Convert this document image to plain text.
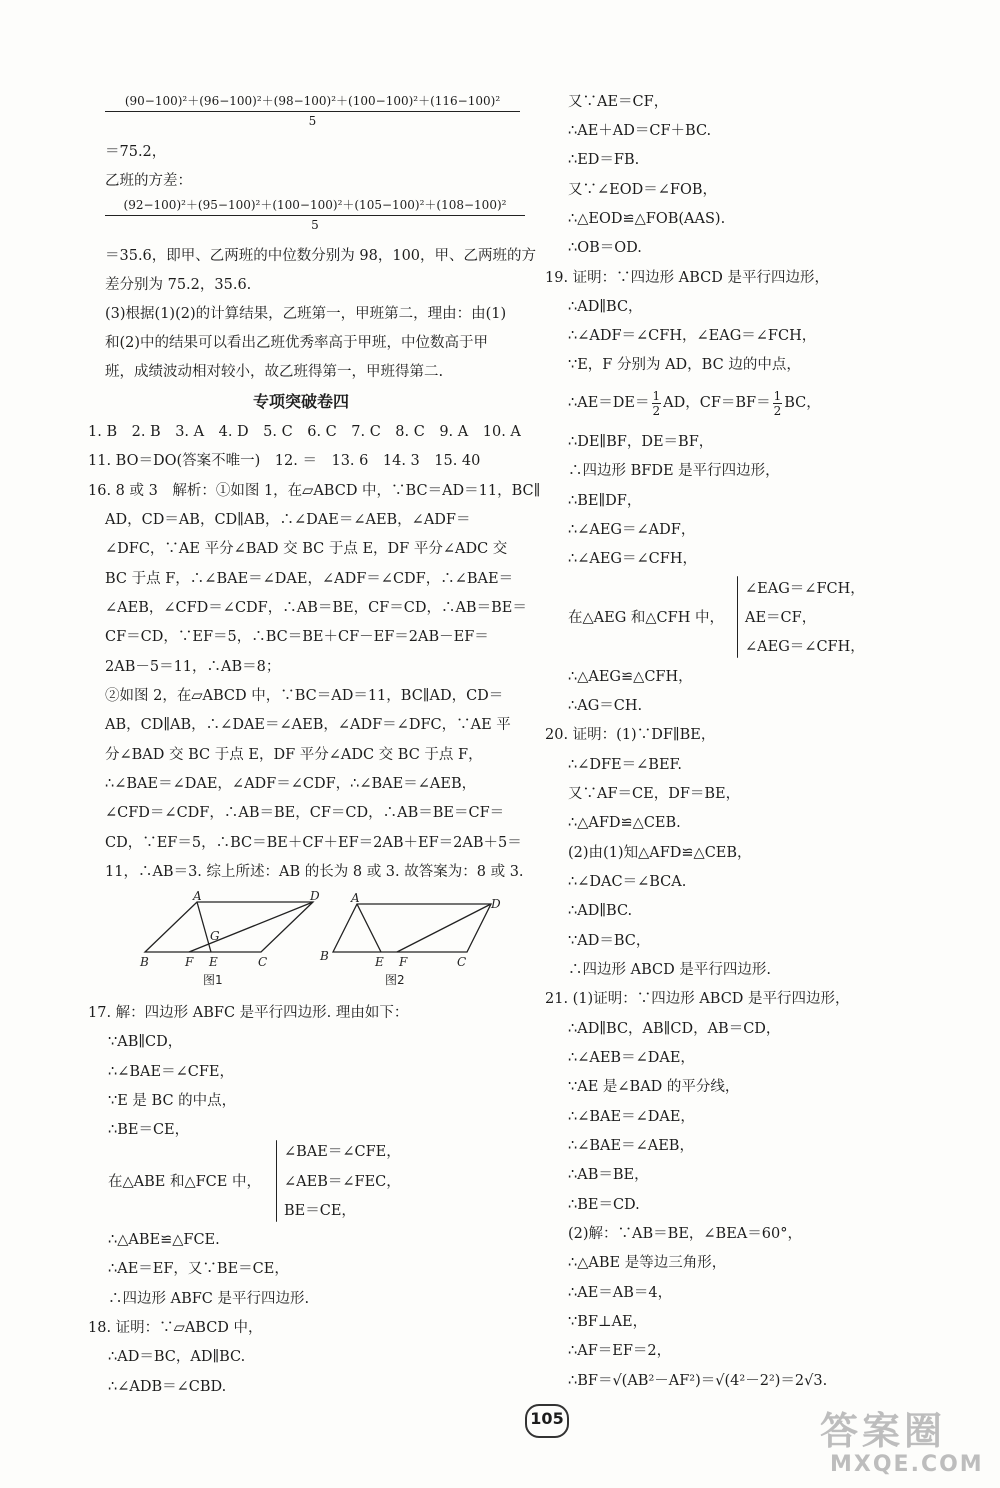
$\frac{\text{(90−100)²＋(96−100)²＋(98−100)²＋(100−100)²＋(116−100)²}}{5}$
＝75.2，
乙班的方差：
$\frac{\text{(92−100)²＋(95−100)²＋(100−100)²＋(105−100)²＋(108−100)²}}{5}$
＝35.6，即甲、乙两班的中位数分别为 98，100，甲、乙两班的方
差分别为 75.2，35.6.
(3)根据(1)(2)的计算结果，乙班第一，甲班第二，理由：由(1)
和(2)中的结果可以看出乙班优秀率高于甲班，中位数高于甲
班，成绩波动相对较小，故乙班得第一，甲班得第二.
专项突破卷四
1. B　2. B　3. A　4. D　5. C　6. C　7. C　8. C　9. A　10. A
11. BO＝DO(答案不唯一)　12. ＝　13. 6　14. 3　15. 40
16. 8 或 3　解析：①如图 1，在▱ABCD 中，∵BC＝AD＝11，BC∥
AD，CD＝AB，CD∥AB，∴∠DAE＝∠AEB，∠ADF＝
∠DFC，∵AE 平分∠BAD 交 BC 于点 E，DF 平分∠ADC 交
BC 于点 F，∴∠BAE＝∠DAE，∠ADF＝∠CDF，∴∠BAE＝
∠AEB，∠CFD＝∠CDF，∴AB＝BE，CF＝CD，∴AB＝BE＝
CF＝CD，∵EF＝5，∴BC＝BE＋CF－EF＝2AB－EF＝
2AB－5＝11，∴AB＝8；
②如图 2，在▱ABCD 中，∵BC＝AD＝11，BC∥AD，CD＝
AB，CD∥AB，∴∠DAE＝∠AEB，∠ADF＝∠DFC，∵AE 平
分∠BAD 交 BC 于点 E，DF 平分∠ADC 交 BC 于点 F，
∴∠BAE＝∠DAE，∠ADF＝∠CDF，∴∠BAE＝∠AEB，
∠CFD＝∠CDF，∴AB＝BE，CF＝CD，∴AB＝BE＝CF＝
CD，∵EF＝5，∴BC＝BE＋CF＋EF＝2AB＋EF＝2AB＋5＝
11，∴AB＝3. 综上所述：AB 的长为 8 或 3. 故答案为：8 或 3.
A	D
G
B	F E	C
图1
A	D
B	E F	C
图2
17. 解：四边形 ABFC 是平行四边形. 理由如下：
∵AB∥CD，
∴∠BAE＝∠CFE，
∵E 是 BC 的中点，
∴BE＝CE，
在△ABE 和△FCE 中，
∠BAE＝∠CFE，
∠AEB＝∠FEC，
BE＝CE，
∴△ABE≌△FCE.
∴AE＝EF，又∵BE＝CE，
∴四边形 ABFC 是平行四边形.
18. 证明：∵▱ABCD 中，
∴AD＝BC，AD∥BC.
∴∠ADB＝∠CBD.
又∵AE＝CF，
∴AE＋AD＝CF＋BC.
∴ED＝FB.
又∵∠EOD＝∠FOB，
∴△EOD≌△FOB(AAS).
∴OB＝OD.
19. 证明：∵四边形 ABCD 是平行四边形，
∴AD∥BC，
∴∠ADF＝∠CFH，∠EAG＝∠FCH，
∵E，F 分别为 AD，BC 边的中点，
∴AE＝DE＝ $\frac{1}{2}$ AD，$CF=BF= \frac{1}{2}$ BC，
∴DE∥BF，DE＝BF，
∴四边形 BFDE 是平行四边形，
∴BE∥DF，
∴∠AEG＝∠ADF，
∴∠AEG＝∠CFH，
在△AEG 和△CFH 中，
∠EAG＝∠FCH，
AE＝CF，
∠AEG＝∠CFH，
∴△AEG≌△CFH，
∴AG＝CH.
20. 证明：(1)∵DF∥BE，
∴∠DFE＝∠BEF.
又∵AF＝CE，DF＝BE，
∴△AFD≌△CEB.
(2)由(1)知△AFD≌△CEB，
∴∠DAC＝∠BCA.
∴AD∥BC.
∵AD＝BC，
∴四边形 ABCD 是平行四边形.
21. (1)证明：∵四边形 ABCD 是平行四边形，
∴AD∥BC，AB∥CD，AB＝CD，
∴∠AEB＝∠DAE，
∵AE 是∠BAD 的平分线，
∴∠BAE＝∠DAE，
∴∠BAE＝∠AEB，
∴AB＝BE，
∴BE＝CD.
(2)解：∵AB＝BE，∠BEA＝60°，
∴△ABE 是等边三角形，
∴AE＝AB＝4，
∵BF⊥AE，
∴AF＝EF＝2，
∴BF＝√(AB²－AF²)＝√(4²－2²)＝2√3.
105	答案圈
MXQE.COM
